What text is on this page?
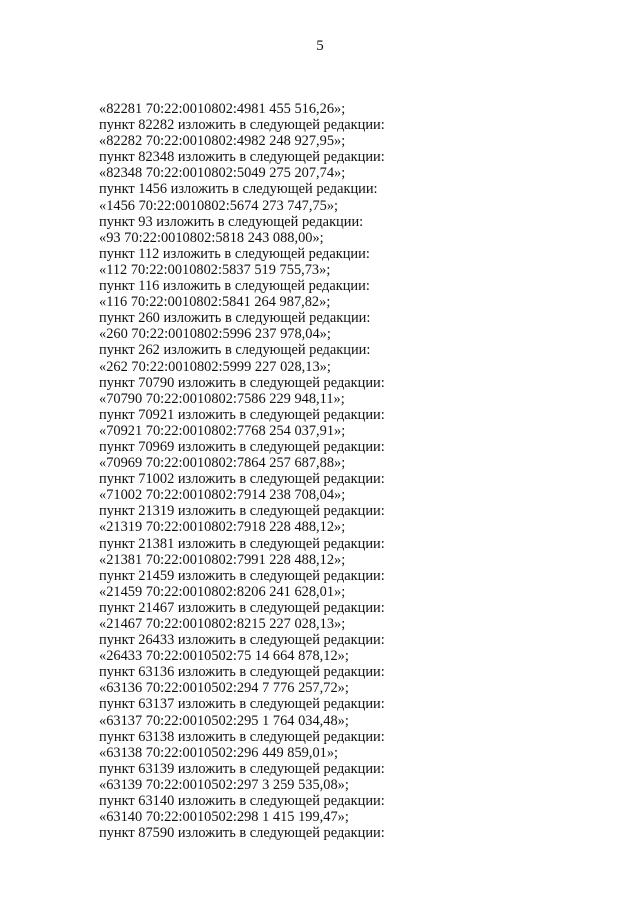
5
«82281 70:22:0010802:4981 455 516,26»;
пункт 82282 изложить в следующей редакции:
«82282 70:22:0010802:4982 248 927,95»;
пункт 82348 изложить в следующей редакции:
«82348 70:22:0010802:5049 275 207,74»;
пункт 1456 изложить в следующей редакции:
«1456 70:22:0010802:5674 273 747,75»;
пункт 93 изложить в следующей редакции:
«93 70:22:0010802:5818 243 088,00»;
пункт 112 изложить в следующей редакции:
«112 70:22:0010802:5837 519 755,73»;
пункт 116 изложить в следующей редакции:
«116 70:22:0010802:5841 264 987,82»;
пункт 260 изложить в следующей редакции:
«260 70:22:0010802:5996 237 978,04»;
пункт 262 изложить в следующей редакции:
«262 70:22:0010802:5999 227 028,13»;
пункт 70790 изложить в следующей редакции:
«70790 70:22:0010802:7586 229 948,11»;
пункт 70921 изложить в следующей редакции:
«70921 70:22:0010802:7768 254 037,91»;
пункт 70969 изложить в следующей редакции:
«70969 70:22:0010802:7864 257 687,88»;
пункт 71002 изложить в следующей редакции:
«71002 70:22:0010802:7914 238 708,04»;
пункт 21319 изложить в следующей редакции:
«21319 70:22:0010802:7918 228 488,12»;
пункт 21381 изложить в следующей редакции:
«21381 70:22:0010802:7991 228 488,12»;
пункт 21459 изложить в следующей редакции:
«21459 70:22:0010802:8206 241 628,01»;
пункт 21467 изложить в следующей редакции:
«21467 70:22:0010802:8215 227 028,13»;
пункт 26433 изложить в следующей редакции:
«26433 70:22:0010502:75 14 664 878,12»;
пункт 63136 изложить в следующей редакции:
«63136 70:22:0010502:294 7 776 257,72»;
пункт 63137 изложить в следующей редакции:
«63137 70:22:0010502:295 1 764 034,48»;
пункт 63138 изложить в следующей редакции:
«63138 70:22:0010502:296 449 859,01»;
пункт 63139 изложить в следующей редакции:
«63139 70:22:0010502:297 3 259 535,08»;
пункт 63140 изложить в следующей редакции:
«63140 70:22:0010502:298 1 415 199,47»;
пункт 87590 изложить в следующей редакции:
